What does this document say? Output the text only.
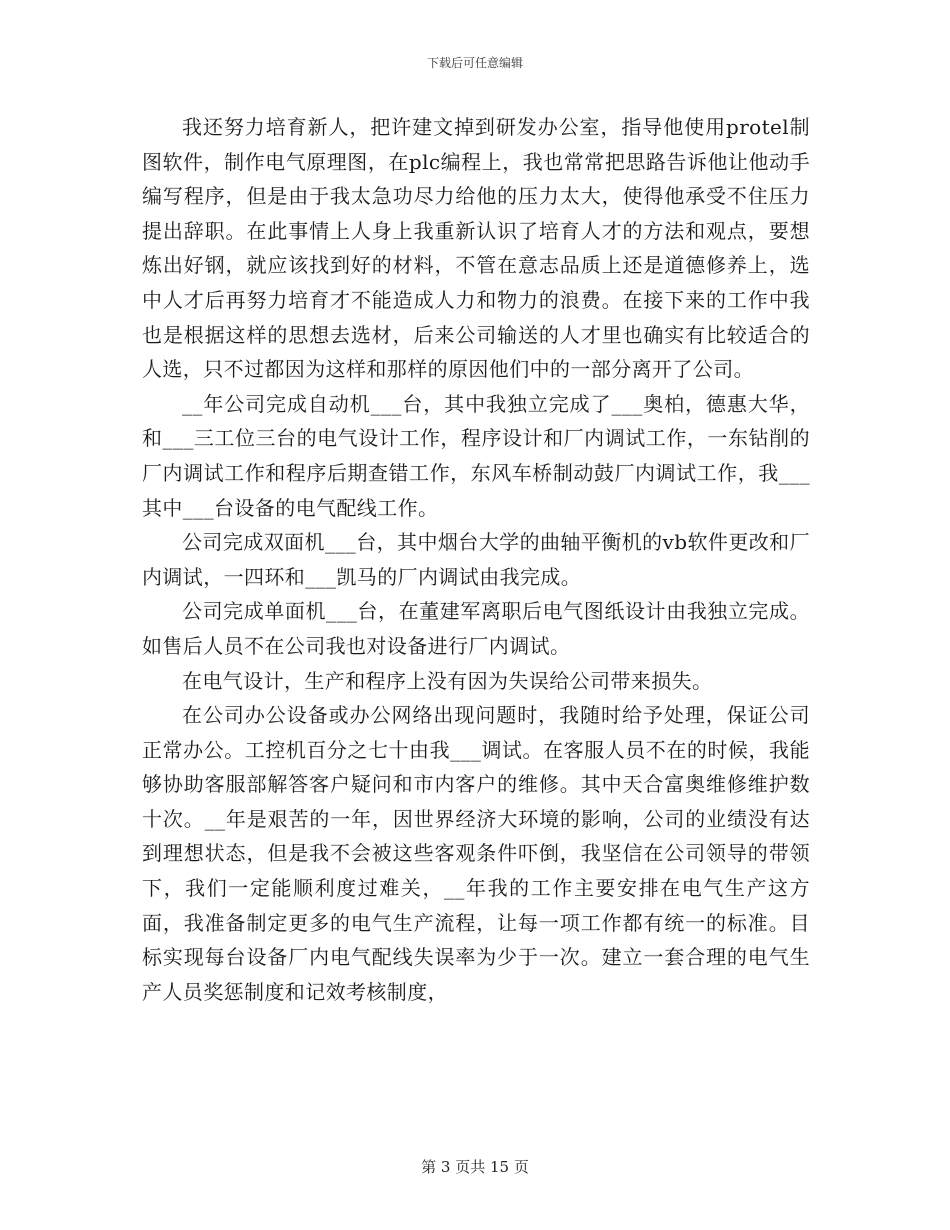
下载后可任意编辑

我还努力培育新人，把许建文掉到研发办公室，指导他使用protel制图软件，制作电气原理图，在plc编程上，我也常常把思路告诉他让他动手编写程序，但是由于我太急功尽力给他的压力太大，使得他承受不住压力提出辞职。在此事情上人身上我重新认识了培育人才的方法和观点，要想炼出好钢，就应该找到好的材料，不管在意志品质上还是道德修养上，选中人才后再努力培育才不能造成人力和物力的浪费。在接下来的工作中我也是根据这样的思想去选材，后来公司输送的人才里也确实有比较适合的人选，只不过都因为这样和那样的原因他们中的一部分离开了公司。

__年公司完成自动机___台，其中我独立完成了___奥柏，德惠大华，和___三工位三台的电气设计工作，程序设计和厂内调试工作，一东钻削的厂内调试工作和程序后期查错工作，东风车桥制动鼓厂内调试工作，我___其中___台设备的电气配线工作。

公司完成双面机___台，其中烟台大学的曲轴平衡机的vb软件更改和厂内调试，一四环和___凯马的厂内调试由我完成。

公司完成单面机___台，在董建军离职后电气图纸设计由我独立完成。如售后人员不在公司我也对设备进行厂内调试。

在电气设计，生产和程序上没有因为失误给公司带来损失。

在公司办公设备或办公网络出现问题时，我随时给予处理，保证公司正常办公。工控机百分之七十由我___调试。在客服人员不在的时候，我能够协助客服部解答客户疑问和市内客户的维修。其中天合富奥维修维护数十次。__年是艰苦的一年，因世界经济大环境的影响，公司的业绩没有达到理想状态，但是我不会被这些客观条件吓倒，我坚信在公司领导的带领下，我们一定能顺利度过难关，__年我的工作主要安排在电气生产这方面，我准备制定更多的电气生产流程，让每一项工作都有统一的标准。目标实现每台设备厂内电气配线失误率为少于一次。建立一套合理的电气生产人员奖惩制度和记效考核制度，

第 3 页共 15 页
